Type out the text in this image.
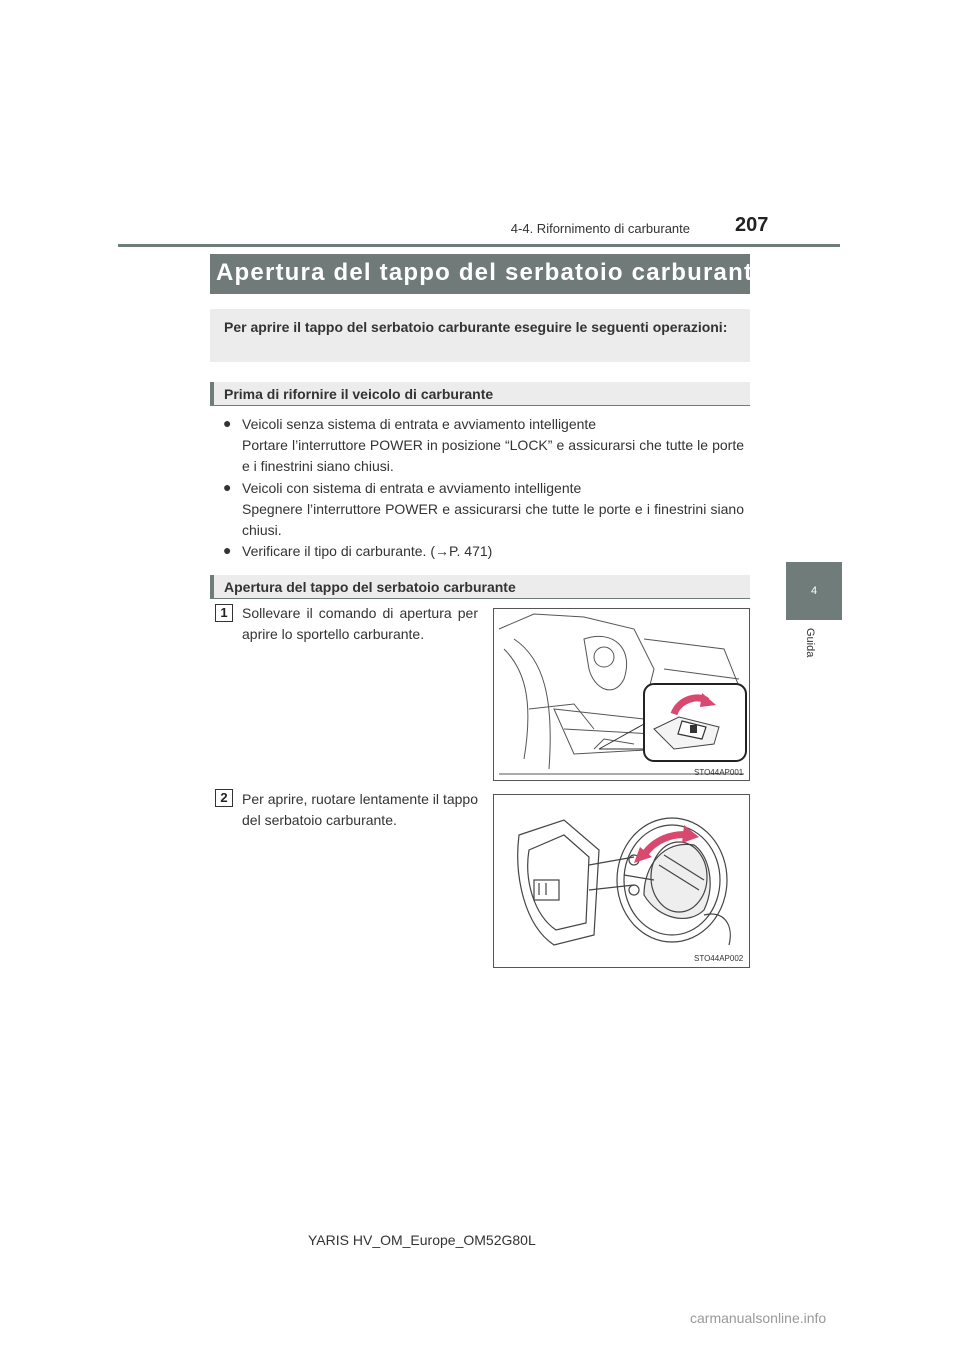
4-4. Rifornimento di carburante 207
4
Guida
Apertura del tappo del serbatoio carburante
Per aprire il tappo del serbatoio carburante eseguire le seguenti operazioni:
Prima di rifornire il veicolo di carburante
● Veicoli senza sistema di entrata e avviamento intelligente
Portare l’interruttore POWER in posizione “LOCK” e assicurarsi che tutte le porte e i finestrini siano chiusi.
● Veicoli con sistema di entrata e avviamento intelligente
Spegnere l’interruttore POWER e assicurarsi che tutte le porte e i finestrini siano chiusi.
● Verificare il tipo di carburante. (→P. 471)
Apertura del tappo del serbatoio carburante
1	Sollevare il comando di apertura per aprire lo sportello carburante.
STO44AP001
2	Per aprire, ruotare lentamente il tappo del serbatoio carburante.
STO44AP002
YARIS HV_OM_Europe_OM52G80L
carmanualsonline.info
